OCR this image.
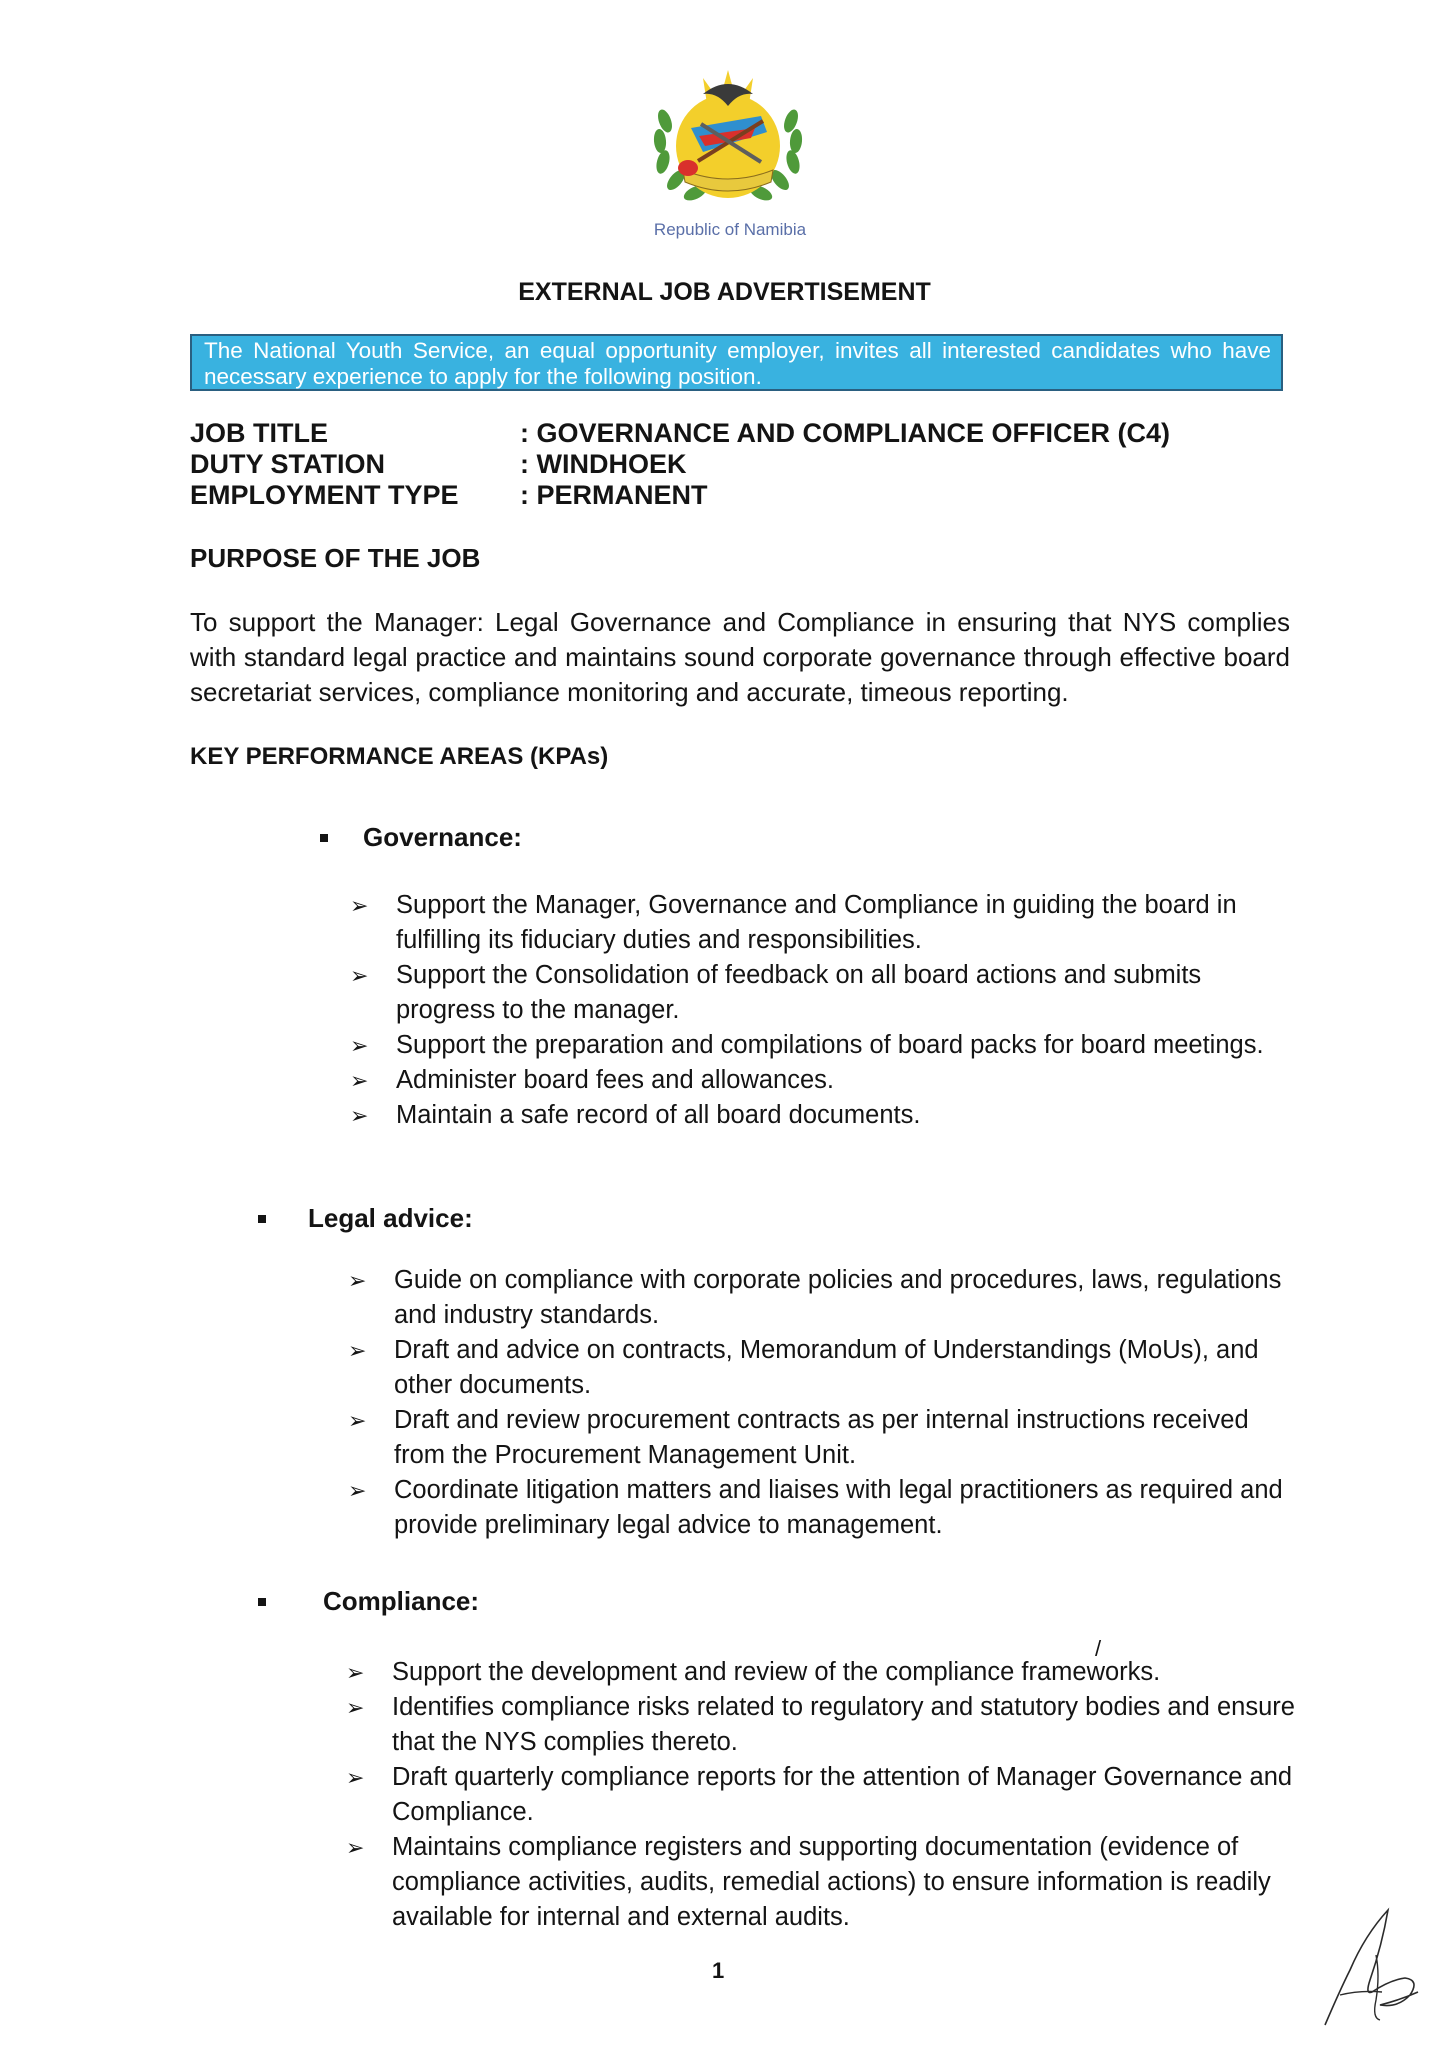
Republic of Namibia
EXTERNAL JOB ADVERTISEMENT
The National Youth Service, an equal opportunity employer, invites all interested candidates who have necessary experience to apply for the following position.
JOB TITLE	: GOVERNANCE AND COMPLIANCE OFFICER (C4)
DUTY STATION	: WINDHOEK
EMPLOYMENT TYPE	: PERMANENT
PURPOSE OF THE JOB
To support the Manager: Legal Governance and Compliance in ensuring that NYS complies with standard legal practice and maintains sound corporate governance through effective board secretariat services, compliance monitoring and accurate, timeous reporting.
KEY PERFORMANCE AREAS (KPAs)
Governance:
➢ Support the Manager, Governance and Compliance in guiding the board in fulfilling its fiduciary duties and responsibilities.
➢ Support the Consolidation of feedback on all board actions and submits progress to the manager.
➢ Support the preparation and compilations of board packs for board meetings.
➢ Administer board fees and allowances.
➢ Maintain a safe record of all board documents.
Legal advice:
➢ Guide on compliance with corporate policies and procedures, laws, regulations and industry standards.
➢ Draft and advice on contracts, Memorandum of Understandings (MoUs), and other documents.
➢ Draft and review procurement contracts as per internal instructions received from the Procurement Management Unit.
➢ Coordinate litigation matters and liaises with legal practitioners as required and provide preliminary legal advice to management.
Compliance:
/
➢ Support the development and review of the compliance frameworks.
➢ Identifies compliance risks related to regulatory and statutory bodies and ensure that the NYS complies thereto.
➢ Draft quarterly compliance reports for the attention of Manager Governance and Compliance.
➢ Maintains compliance registers and supporting documentation (evidence of compliance activities, audits, remedial actions) to ensure information is readily available for internal and external audits.
1
